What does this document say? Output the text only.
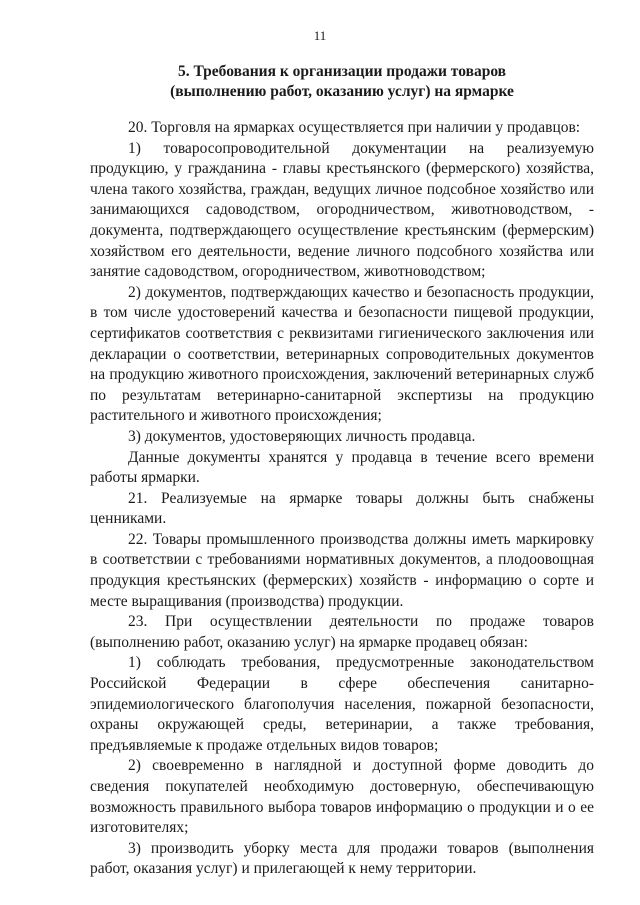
11
5. Требования к организации продажи товаров
(выполнению работ, оказанию услуг) на ярмарке

20. Торговля на ярмарках осуществляется при наличии у продавцов:

1) товаросопроводительной документации на реализуемую продукцию, у гражданина - главы крестьянского (фермерского) хозяйства, члена такого хозяйства, граждан, ведущих личное подсобное хозяйство или занимающихся садоводством, огородничеством, животноводством, - документа, подтверждающего осуществление крестьянским (фермерским) хозяйством его деятельности, ведение личного подсобного хозяйства или занятие садоводством, огородничеством, животноводством;

2) документов, подтверждающих качество и безопасность продукции, в том числе удостоверений качества и безопасности пищевой продукции, сертификатов соответствия с реквизитами гигиенического заключения или декларации о соответствии, ветеринарных сопроводительных документов на продукцию животного происхождения, заключений ветеринарных служб по результатам ветеринарно-санитарной экспертизы на продукцию растительного и животного происхождения;

3) документов, удостоверяющих личность продавца.

Данные документы хранятся у продавца в течение всего времени работы ярмарки.

21. Реализуемые на ярмарке товары должны быть снабжены ценниками.

22. Товары промышленного производства должны иметь маркировку в соответствии с требованиями нормативных документов, а плодоовощная продукция крестьянских (фермерских) хозяйств - информацию о сорте и месте выращивания (производства) продукции.

23. При осуществлении деятельности по продаже товаров (выполнению работ, оказанию услуг) на ярмарке продавец обязан:

1) соблюдать требования, предусмотренные законодательством Российской Федерации в сфере обеспечения санитарно-эпидемиологического благополучия населения, пожарной безопасности, охраны окружающей среды, ветеринарии, а также требования, предъявляемые к продаже отдельных видов товаров;

2) своевременно в наглядной и доступной форме доводить до сведения покупателей необходимую достоверную, обеспечивающую возможность правильного выбора товаров информацию о продукции и о ее изготовителях;

3) производить уборку места для продажи товаров (выполнения работ, оказания услуг) и прилегающей к нему территории.
